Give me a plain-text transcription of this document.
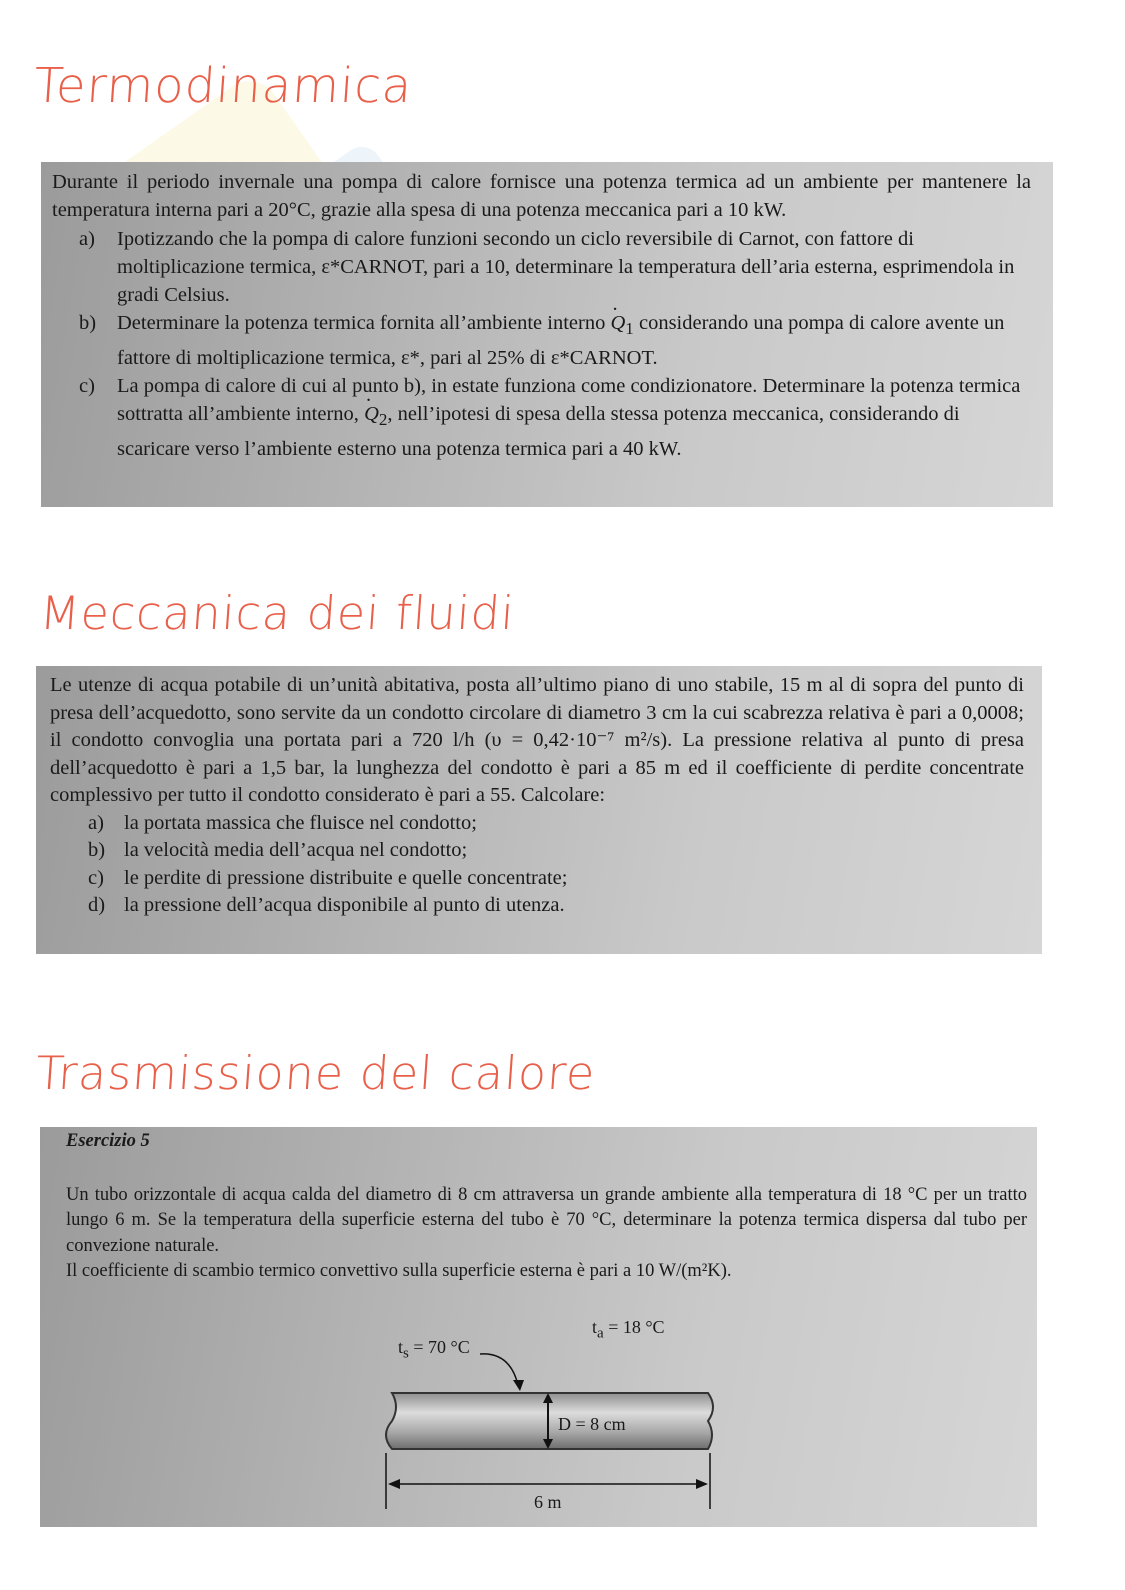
Termodinamica

Durante il periodo invernale una pompa di calore fornisce una potenza termica ad un ambiente per mantenere la temperatura interna pari a 20°C, grazie alla spesa di una potenza meccanica pari a 10 kW.

a)	Ipotizzando che la pompa di calore funzioni secondo un ciclo reversibile di Carnot, con fattore di moltiplicazione termica, ε*CARNOT, pari a 10, determinare la temperatura dell’aria esterna, esprimendola in gradi Celsius.
b)	Determinare la potenza termica fornita all’ambiente interno . $Q_1$ considerando una pompa di calore avente un fattore di moltiplicazione termica, ε*, pari al 25% di ε*CARNOT.
c)	La pompa di calore di cui al punto b), in estate funziona come condizionatore. Determinare la potenza termica sottratta all’ambiente interno, . $Q_2$, nell’ipotesi di spesa della stessa potenza meccanica, considerando di scaricare verso l’ambiente esterno una potenza termica pari a 40 kW.
Meccanica dei fluidi

Le utenze di acqua potabile di un’unità abitativa, posta all’ultimo piano di uno stabile, 15 m al di sopra del punto di presa dell’acquedotto, sono servite da un condotto circolare di diametro 3 cm la cui scabrezza relativa è pari a 0,0008; il condotto convoglia una portata pari a 720 l/h (υ = 0,42·10⁻⁷ m²/s). La pressione relativa al punto di presa dell’acquedotto è pari a 1,5 bar, la lunghezza del condotto è pari a 85 m ed il coefficiente di perdite concentrate complessivo per tutto il condotto considerato è pari a 55. Calcolare:

a) la portata massica che fluisce nel condotto;
b) la velocità media dell’acqua nel condotto;
c) le perdite di pressione distribuite e quelle concentrate;
d) la pressione dell’acqua disponibile al punto di utenza.
Trasmissione del calore

Esercizio 5

Un tubo orizzontale di acqua calda del diametro di 8 cm attraversa un grande ambiente alla temperatura di 18 °C per un tratto lungo 6 m. Se la temperatura della superficie esterna del tubo è 70 °C, determinare la potenza termica dispersa dal tubo per convezione naturale.

Il coefficiente di scambio termico convettivo sulla superficie esterna è pari a 10 W/(m²K).

$t_s = 70$ °C
$t_a = 18$ °C
D = 8 cm
6 m
